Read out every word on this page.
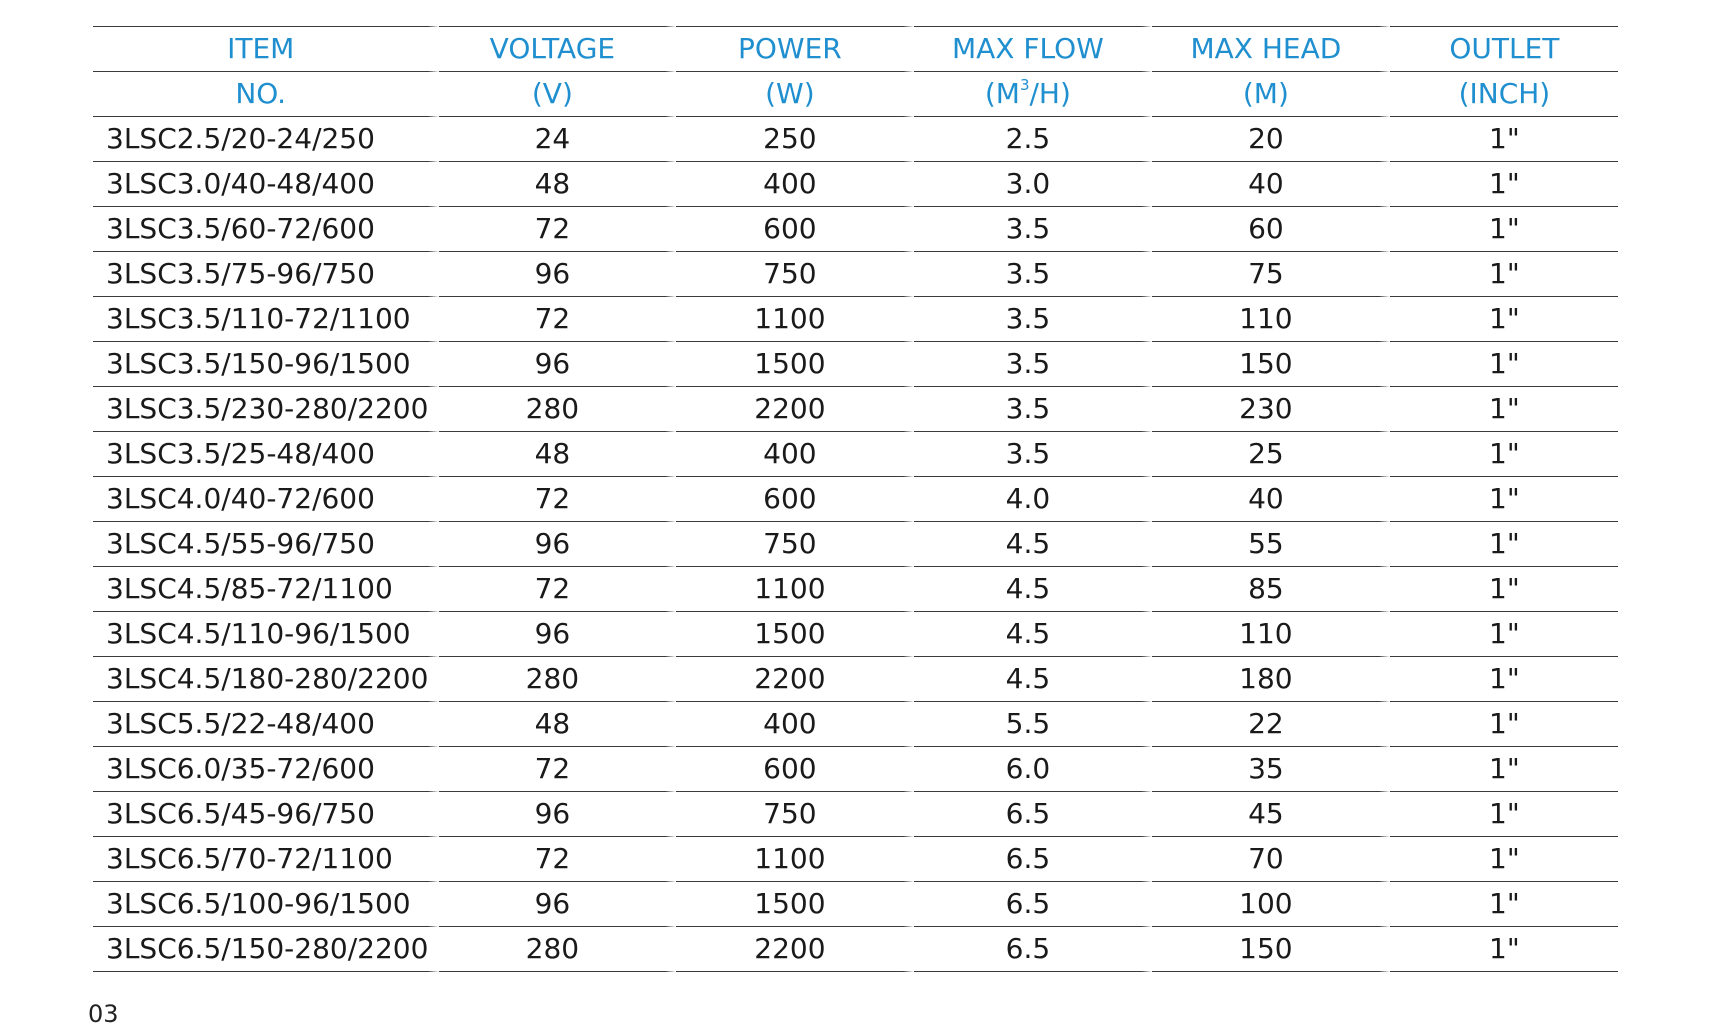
ITEM	VOLTAGE	POWER	MAX FLOW	MAX HEAD	OUTLET
NO.	(V)	(W)	$(M^3/H)$	(M)	(INCH)
3LSC2.5/20-24/250	24	250	2.5	20	1"
3LSC3.0/40-48/400	48	400	3.0	40	1"
3LSC3.5/60-72/600	72	600	3.5	60	1"
3LSC3.5/75-96/750	96	750	3.5	75	1"
3LSC3.5/110-72/1100	72	1100	3.5	110	1"
3LSC3.5/150-96/1500	96	1500	3.5	150	1"
3LSC3.5/230-280/2200	280	2200	3.5	230	1"
3LSC3.5/25-48/400	48	400	3.5	25	1"
3LSC4.0/40-72/600	72	600	4.0	40	1"
3LSC4.5/55-96/750	96	750	4.5	55	1"
3LSC4.5/85-72/1100	72	1100	4.5	85	1"
3LSC4.5/110-96/1500	96	1500	4.5	110	1"
3LSC4.5/180-280/2200	280	2200	4.5	180	1"
3LSC5.5/22-48/400	48	400	5.5	22	1"
3LSC6.0/35-72/600	72	600	6.0	35	1"
3LSC6.5/45-96/750	96	750	6.5	45	1"
3LSC6.5/70-72/1100	72	1100	6.5	70	1"
3LSC6.5/100-96/1500	96	1500	6.5	100	1"
3LSC6.5/150-280/2200	280	2200	6.5	150	1"
03
